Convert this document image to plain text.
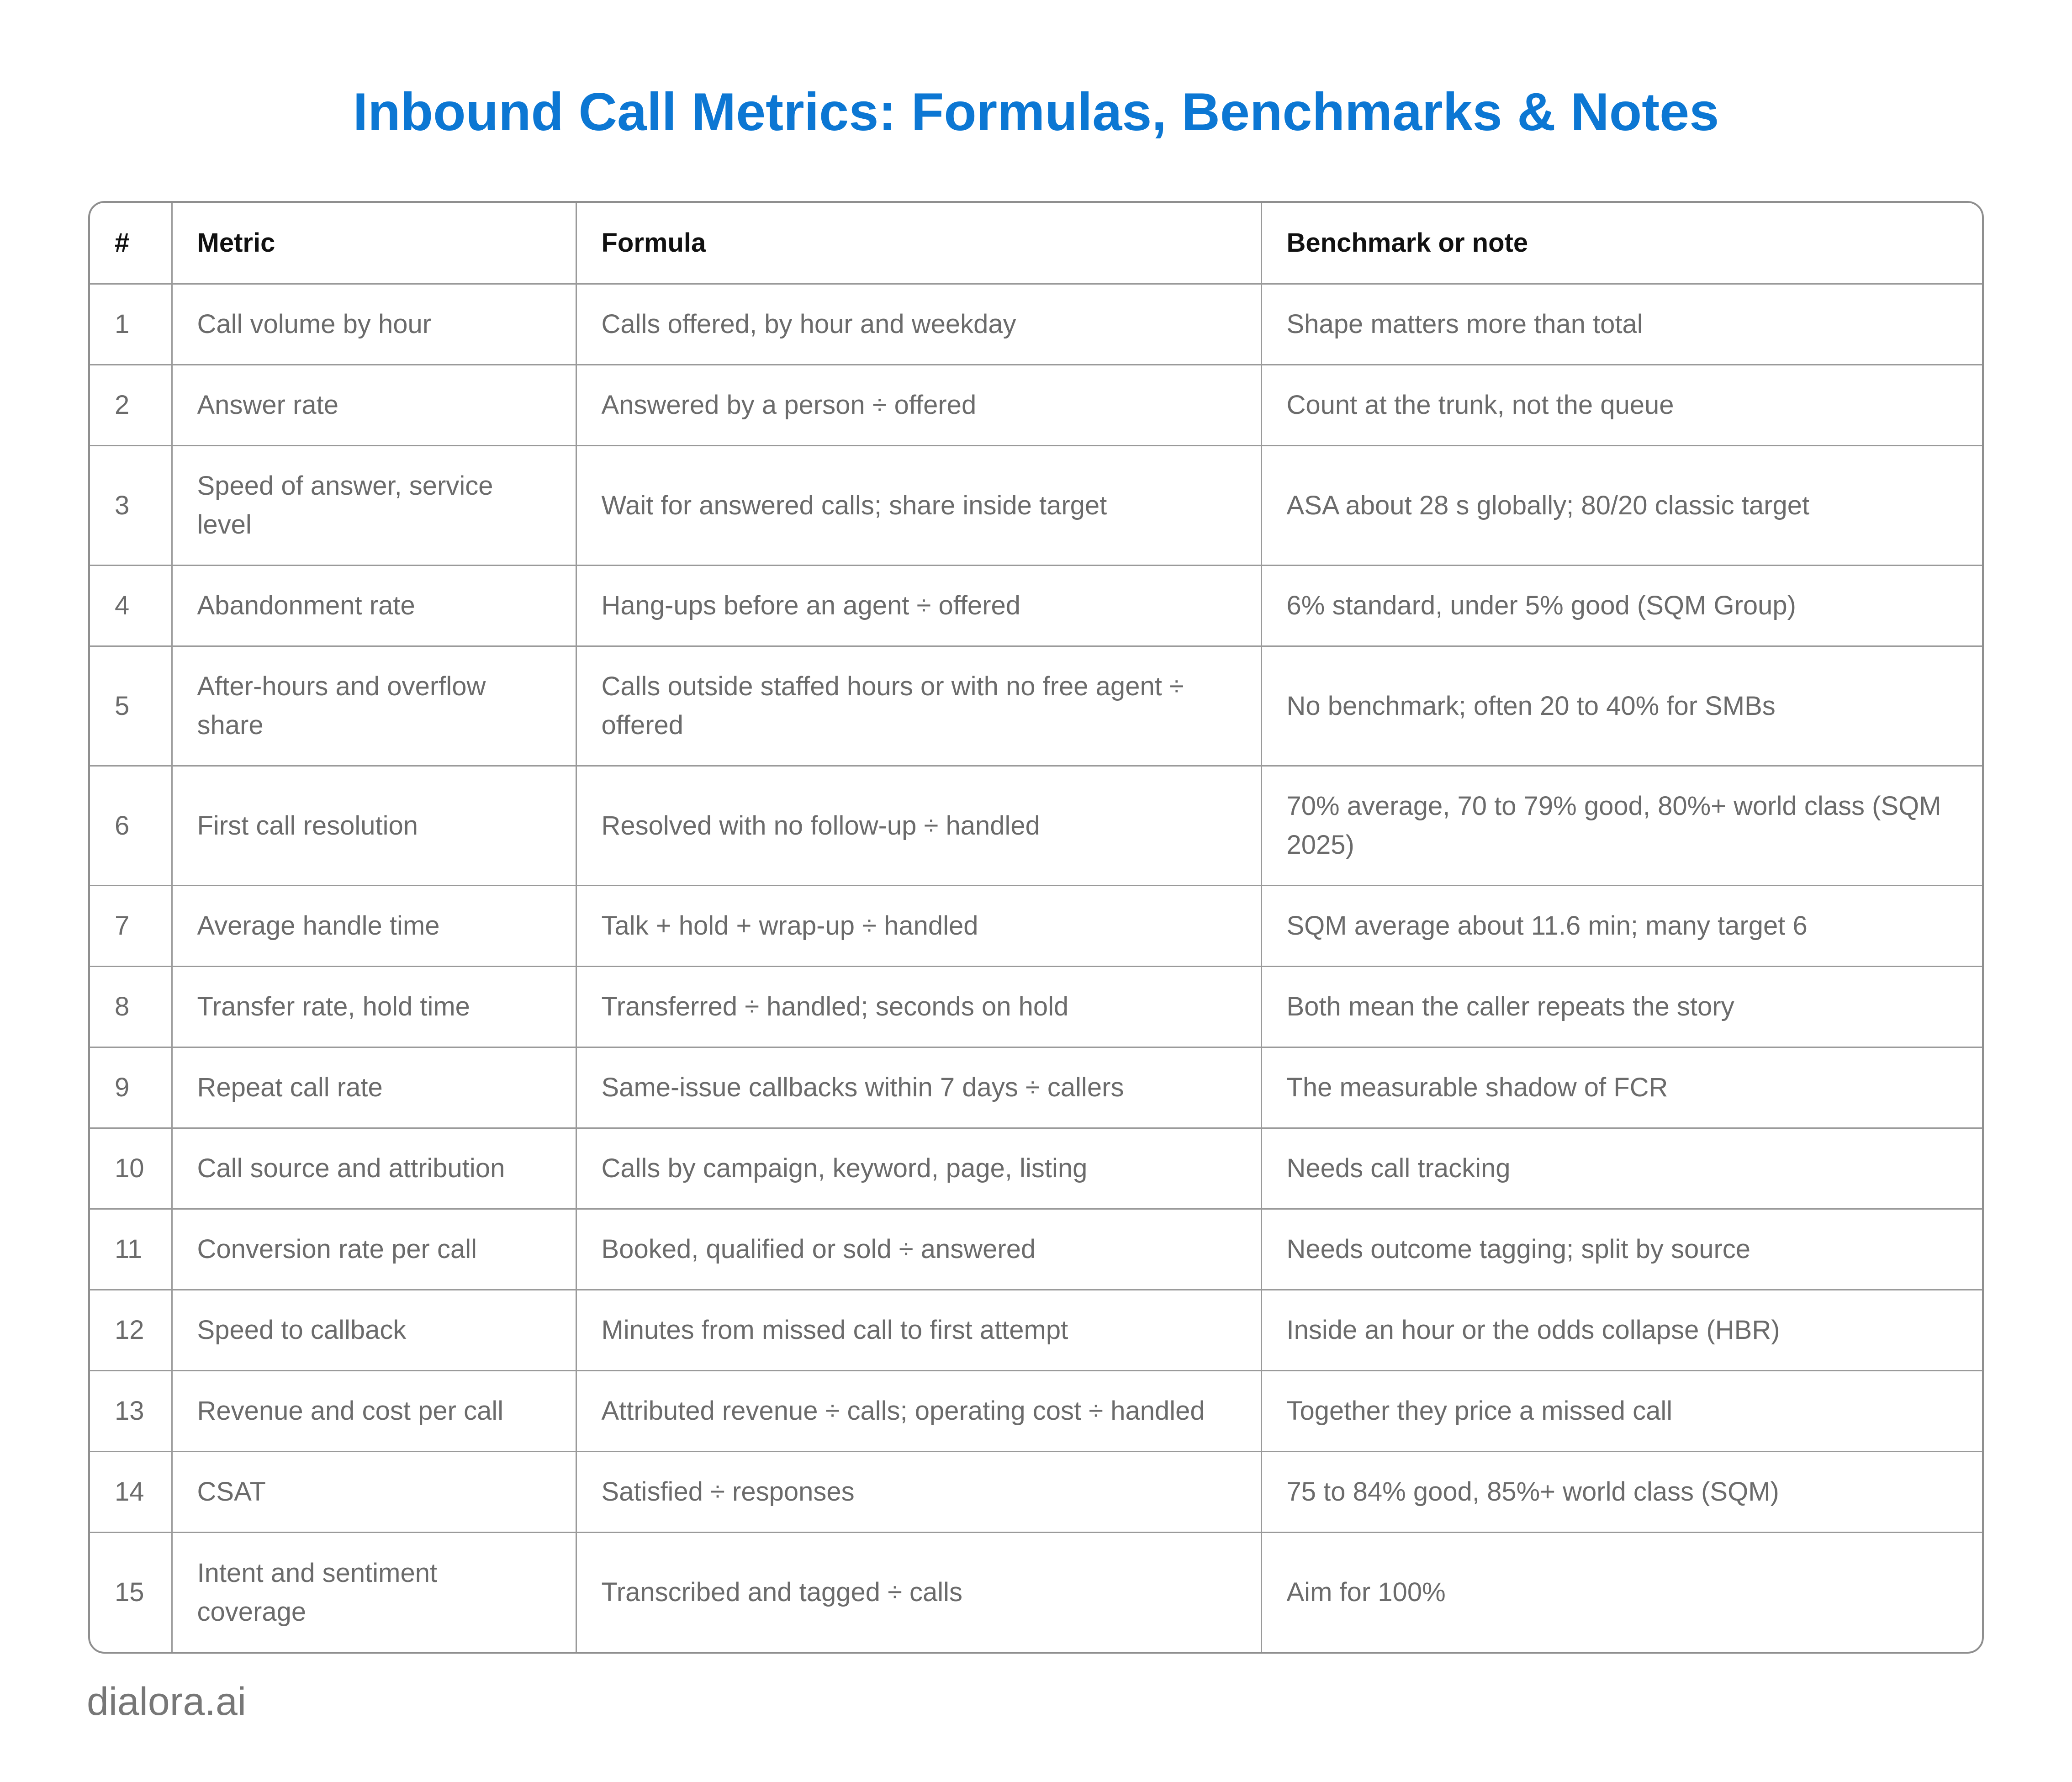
Inbound Call Metrics: Formulas, Benchmarks & Notes
#	Metric	Formula	Benchmark or note
1	Call volume by hour	Calls offered, by hour and weekday	Shape matters more than total
2	Answer rate	Answered by a person ÷ offered	Count at the trunk, not the queue
3	Speed of answer, service level	Wait for answered calls; share inside target	ASA about 28 s globally; 80/20 classic target
4	Abandonment rate	Hang-ups before an agent ÷ offered	6% standard, under 5% good (SQM Group)
5	After-hours and overflow share	Calls outside staffed hours or with no free agent ÷ offered	No benchmark; often 20 to 40% for SMBs
6	First call resolution	Resolved with no follow-up ÷ handled	70% average, 70 to 79% good, 80%+ world class (SQM 2025)
7	Average handle time	Talk + hold + wrap-up ÷ handled	SQM average about 11.6 min; many target 6
8	Transfer rate, hold time	Transferred ÷ handled; seconds on hold	Both mean the caller repeats the story
9	Repeat call rate	Same-issue callbacks within 7 days ÷ callers	The measurable shadow of FCR
10	Call source and attribution	Calls by campaign, keyword, page, listing	Needs call tracking
11	Conversion rate per call	Booked, qualified or sold ÷ answered	Needs outcome tagging; split by source
12	Speed to callback	Minutes from missed call to first attempt	Inside an hour or the odds collapse (HBR)
13	Revenue and cost per call	Attributed revenue ÷ calls; operating cost ÷ handled	Together they price a missed call
14	CSAT	Satisfied ÷ responses	75 to 84% good, 85%+ world class (SQM)
15	Intent and sentiment coverage	Transcribed and tagged ÷ calls	Aim for 100%
dialora.ai
